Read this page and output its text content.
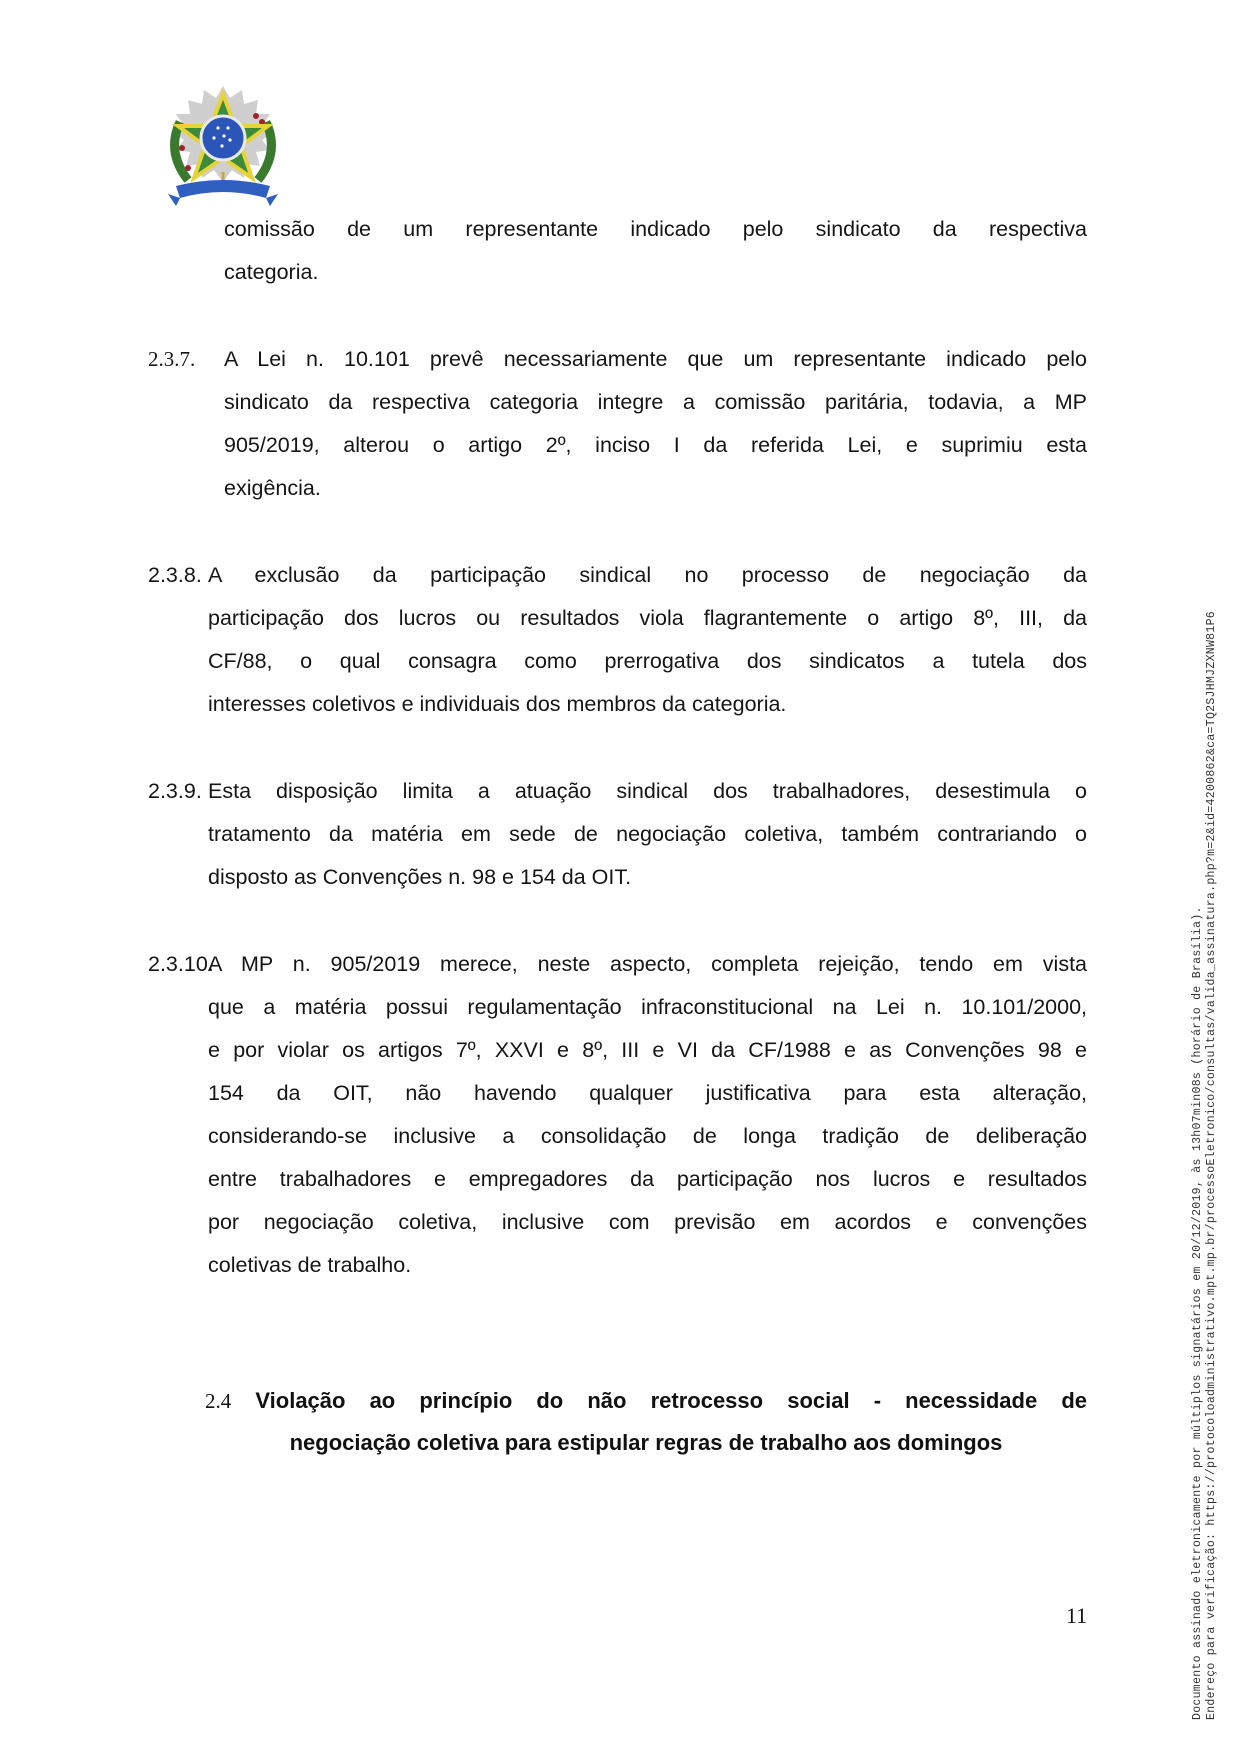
comissão de um representante indicado pelo sindicato da respectiva
categoria.
2.3.7. A Lei n. 10.101 prevê necessariamente que um representante indicado pelo
sindicato da respectiva categoria integre a comissão paritária, todavia, a MP
905/2019, alterou o artigo 2º, inciso I da referida Lei, e suprimiu esta
exigência.
2.3.8. A exclusão da participação sindical no processo de negociação da
participação dos lucros ou resultados viola flagrantemente o artigo 8º, III, da
CF/88, o qual consagra como prerrogativa dos sindicatos a tutela dos
interesses coletivos e individuais dos membros da categoria.
2.3.9. Esta disposição limita a atuação sindical dos trabalhadores, desestimula o
tratamento da matéria em sede de negociação coletiva, também contrariando o
disposto as Convenções n. 98 e 154 da OIT.
2.3.10.
A MP n. 905/2019 merece, neste aspecto, completa rejeição, tendo em vista
que a matéria possui regulamentação infraconstitucional na Lei n. 10.101/2000,
e por violar os artigos 7º, XXVI e 8º, III e VI da CF/1988 e as Convenções 98 e
154 da OIT, não havendo qualquer justificativa para esta alteração,
considerando-se inclusive a consolidação de longa tradição de deliberação
entre trabalhadores e empregadores da participação nos lucros e resultados
por negociação coletiva, inclusive com previsão em acordos e convenções
coletivas de trabalho.
2.4 Violação ao princípio do não retrocesso social - necessidade de
negociação coletiva para estipular regras de trabalho aos domingos
11	Documento assinado eletronicamente por múltiplos signatários em 20/12/2019, às 13h07min08s (horário de Brasília). Endereço para verificação: https://protocoloadministrativo.mpt.mp.br/processoEletronico/consultas/valida_assinatura.php?m=2&id=4200862&ca=TQ2SJHMJZXNW81P6
